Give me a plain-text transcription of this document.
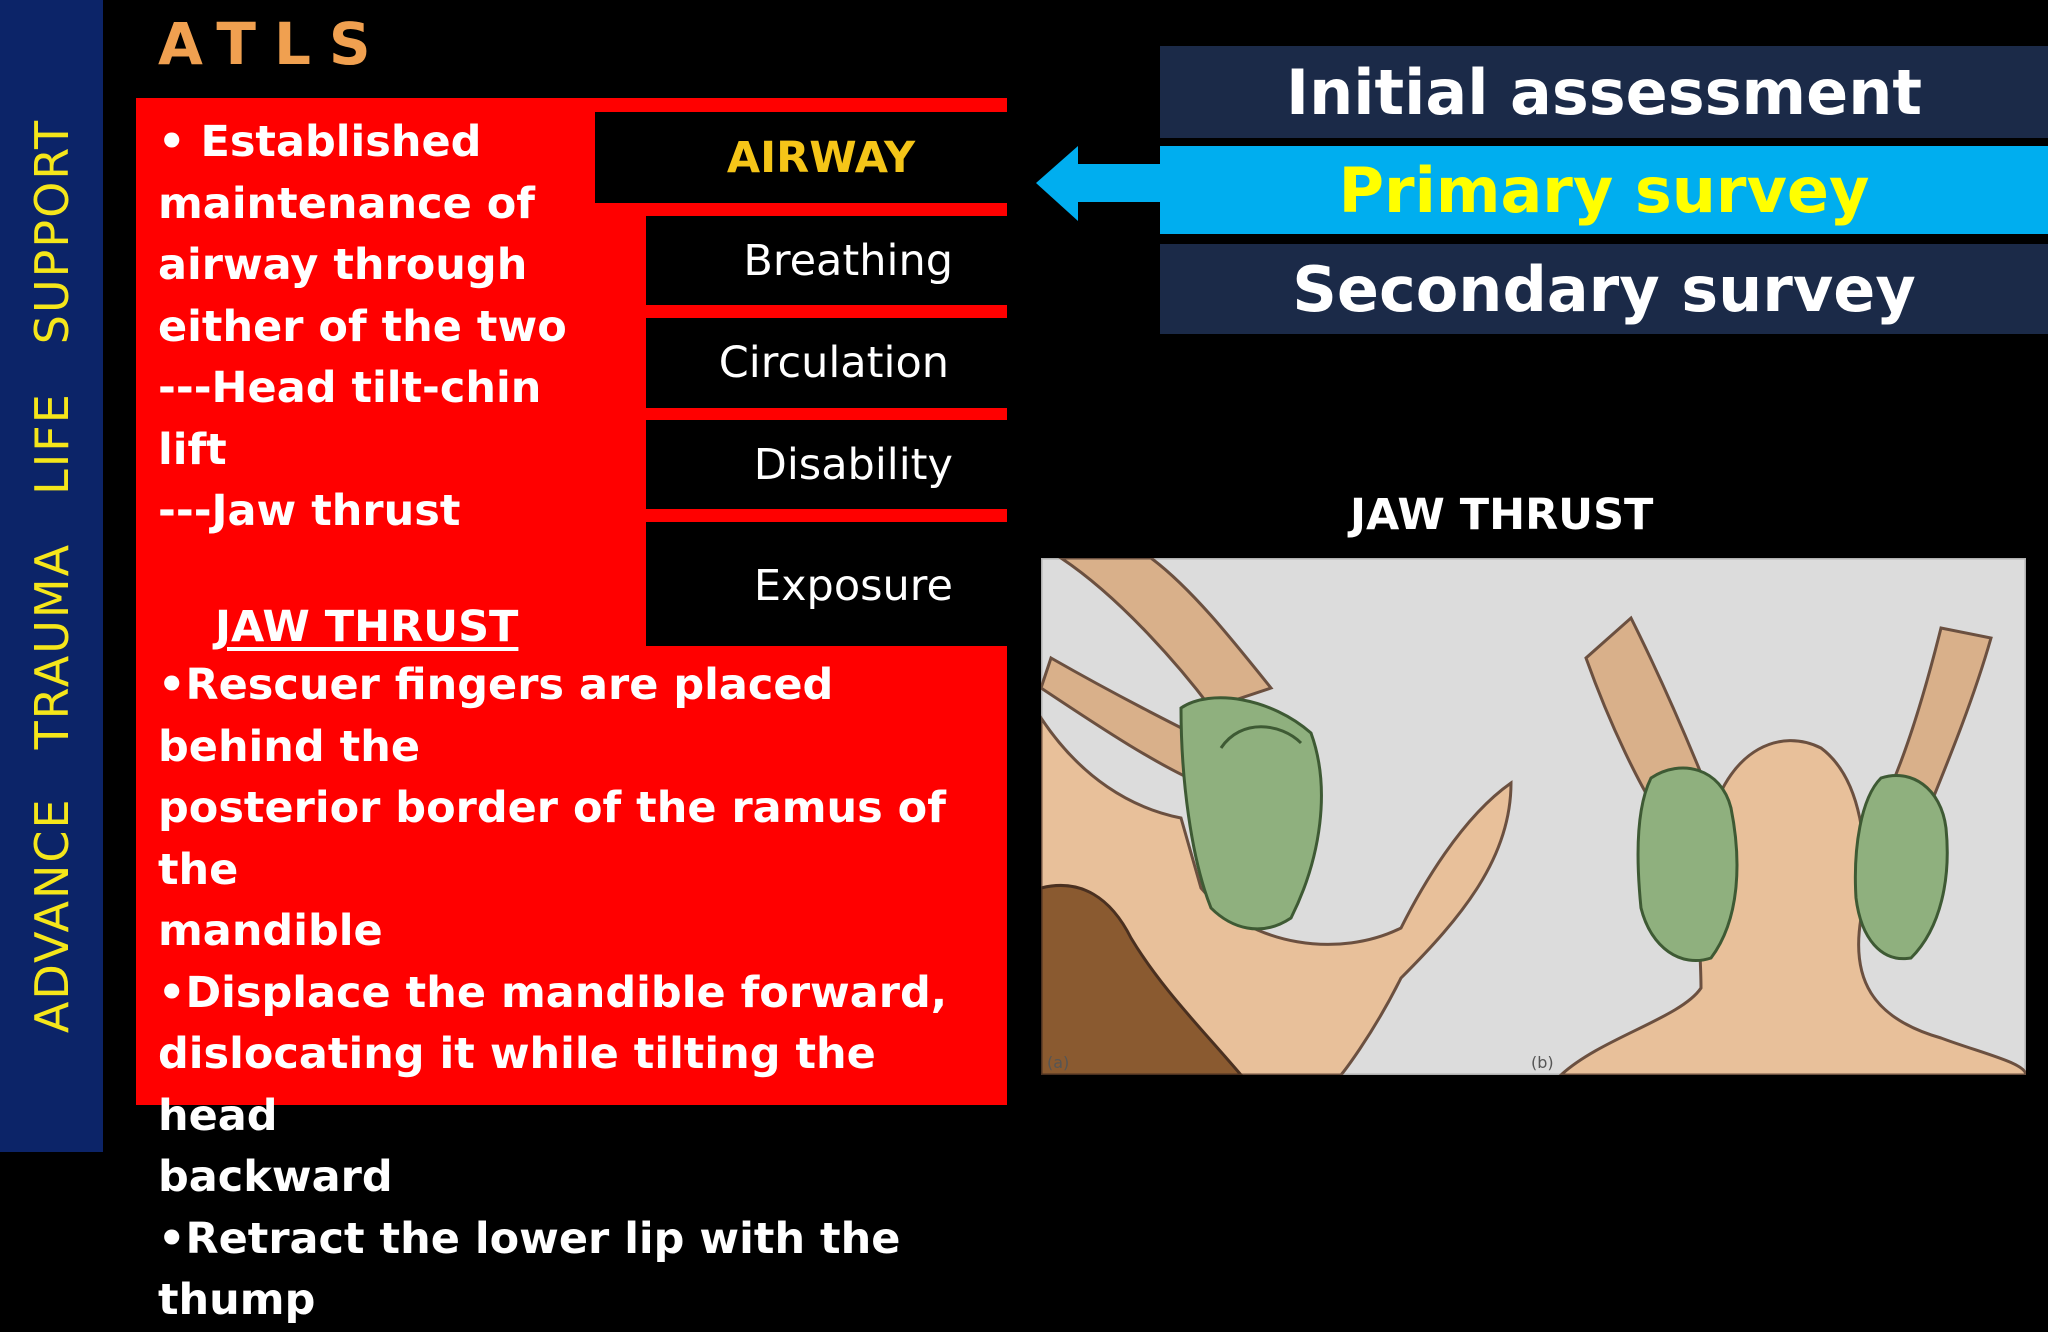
ADVANCETRAUMALIFESUPPORT
ATLS
• Established
maintenance of
airway through
either of the two
---Head tilt-chin lift
---Jaw thrust
AIRWAY
Breathing
Circulation
Disability
Exposure
JAW THRUST

•Rescuer fingers are placed behind the

posterior border of the ramus of the

mandible

•Displace the mandible forward,

dislocating it while tilting the head

backward

•Retract the lower lip with the thump

Initial assessment
Primary survey
Secondary survey
JAW THRUST
(a)	(b)
